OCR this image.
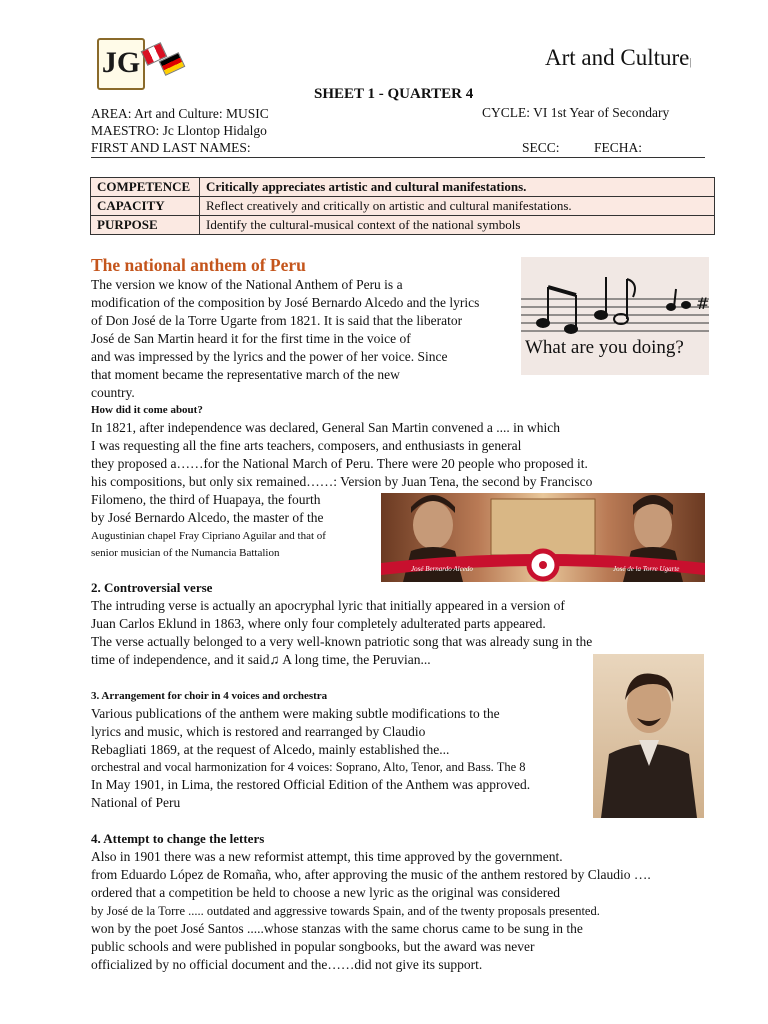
JG	Art and Culture|
SHEET 1 - QUARTER 4
AREA: Art and Culture: MUSIC	CYCLE: VI 1st Year of Secondary
MAESTRO: Jc Llontop Hidalgo
FIRST AND LAST NAMES:	SECC:	FECHA:
COMPETENCE	Critically appreciates artistic and cultural manifestations.
CAPACITY	Reflect creatively and critically on artistic and cultural manifestations.
PURPOSE	Identify the cultural-musical context of the national symbols
The national anthem of Peru
#
What are you doing?
The version we know of the National Anthem of Peru is a
modification of the composition by José Bernardo Alcedo and the lyrics
of Don José de la Torre Ugarte from 1821. It is said that the liberator
José de San Martin heard it for the first time in the voice of
and was impressed by the lyrics and the power of her voice. Since
that moment became the representative march of the new
country.
How did it come about?
In 1821, after independence was declared, General San Martin convened a .... in which
I was requesting all the fine arts teachers, composers, and enthusiasts in general
they proposed a……for the National March of Peru. There were 20 people who proposed it.
his compositions, but only six remained……: Version by Juan Tena, the second by Francisco
Filomeno, the third of Huapaya, the fourth
by José Bernardo Alcedo, the master of the
Augustinian chapel Fray Cipriano Aguilar and that of
senior musician of the Numancia Battalion
José Bernardo Alcedo	José de la Torre Ugarte
2. Controversial verse
The intruding verse is actually an apocryphal lyric that initially appeared in a version of
Juan Carlos Eklund in 1863, where only four completely adulterated parts appeared.
The verse actually belonged to a very well-known patriotic song that was already sung in the
time of independence, and it said♫ A long time, the Peruvian...
3. Arrangement for choir in 4 voices and orchestra
Various publications of the anthem were making subtle modifications to the
lyrics and music, which is restored and rearranged by Claudio
Rebagliati 1869, at the request of Alcedo, mainly established the...
orchestral and vocal harmonization for 4 voices: Soprano, Alto, Tenor, and Bass. The 8
In May 1901, in Lima, the restored Official Edition of the Anthem was approved.
National of Peru
4. Attempt to change the letters
Also in 1901 there was a new reformist attempt, this time approved by the government.
from Eduardo López de Romaña, who, after approving the music of the anthem restored by Claudio ….
ordered that a competition be held to choose a new lyric as the original was considered
by José de la Torre ..... outdated and aggressive towards Spain, and of the twenty proposals presented.
won by the poet José Santos .....whose stanzas with the same chorus came to be sung in the
public schools and were published in popular songbooks, but the award was never
officialized by no official document and the……did not give its support.
